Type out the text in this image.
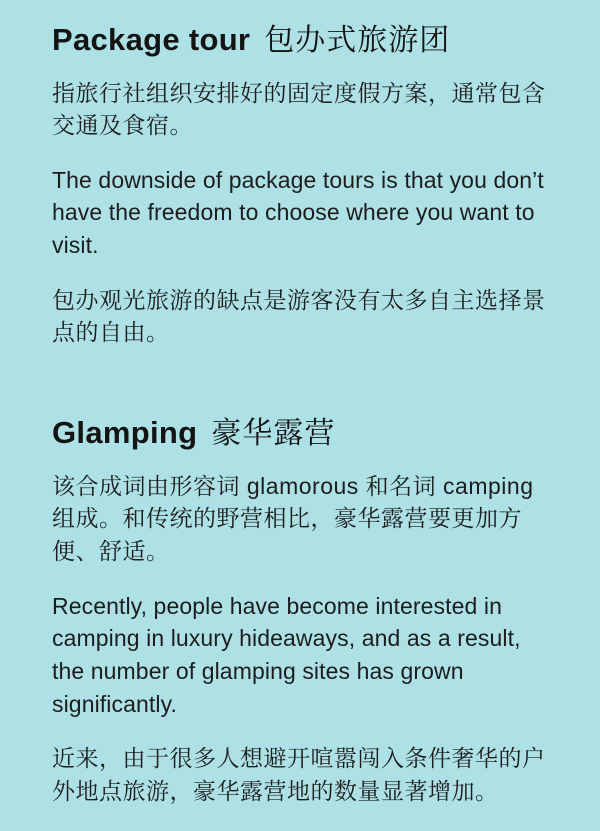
Package tour 包办式旅游团

指旅行社组织安排好的固定度假方案，通常包含交通及食宿。

The downside of package tours is that you don’t have the freedom to choose where you want to visit.

包办观光旅游的缺点是游客没有太多自主选择景点的自由。

Glamping 豪华露营

该合成词由形容词 glamorous 和名词 camping 组成。和传统的野营相比，豪华露营要更加方便、舒适。

Recently, people have become interested in camping in luxury hideaways, and as a result, the number of glamping sites has grown significantly.

近来，由于很多人想避开喧嚣闯入条件奢华的户外地点旅游，豪华露营地的数量显著增加。
